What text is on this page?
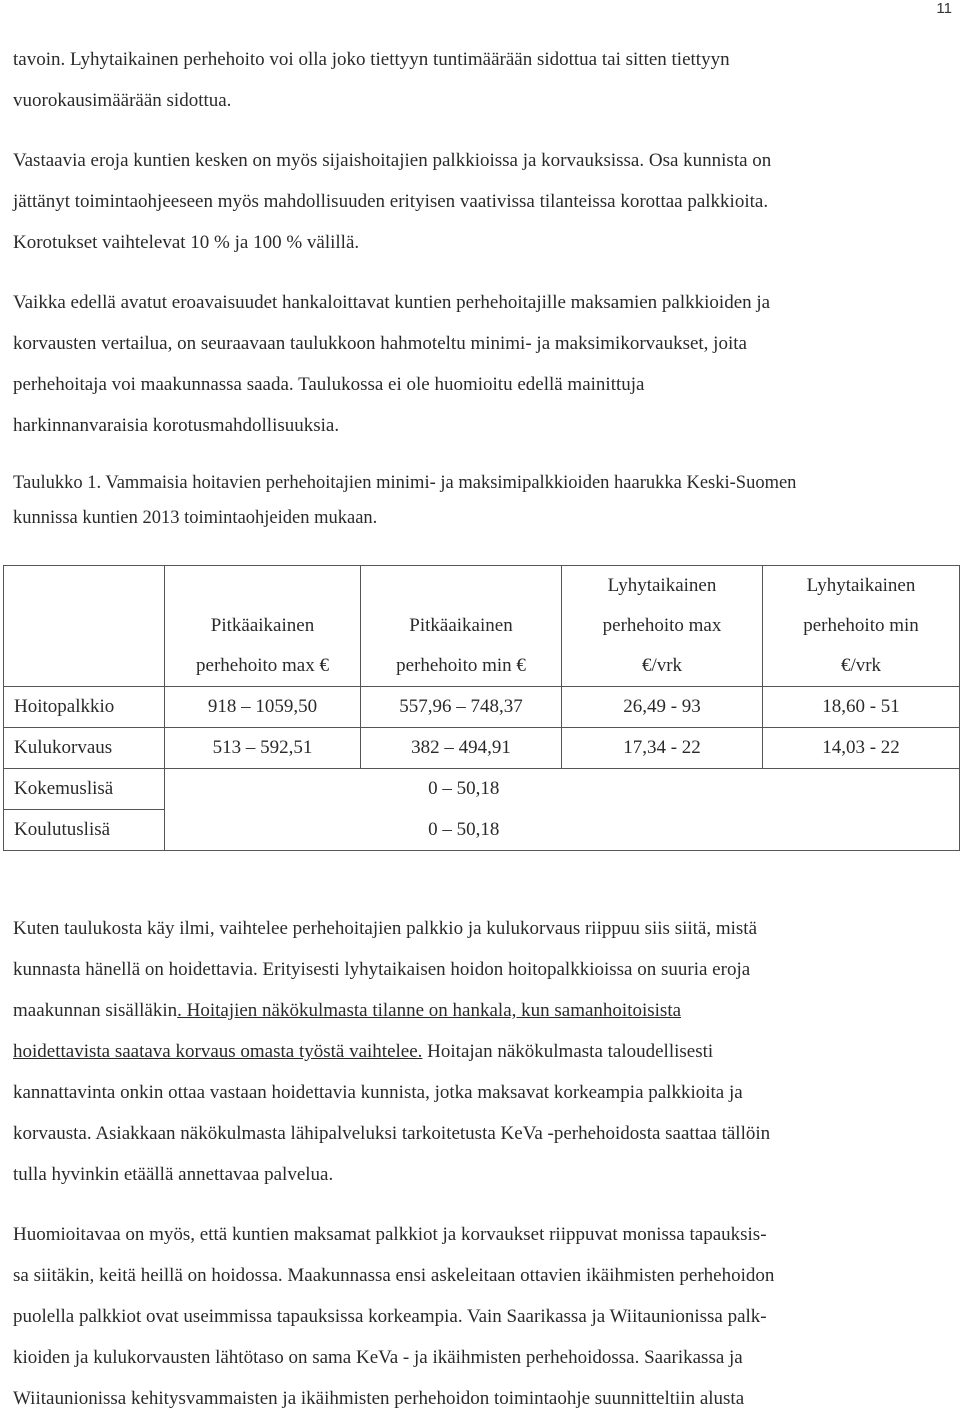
11

tavoin. Lyhytaikainen perhehoito voi olla joko tiettyyn tuntimäärään sidottua tai sitten tiettyyn
vuorokausimäärään sidottua.

Vastaavia eroja kuntien kesken on myös sijaishoitajien palkkioissa ja korvauksissa. Osa kunnista on
jättänyt toimintaohjeeseen myös mahdollisuuden erityisen vaativissa tilanteissa korottaa palkkioita.
Korotukset vaihtelevat 10 % ja 100 % välillä.

Vaikka edellä avatut eroavaisuudet hankaloittavat kuntien perhehoitajille maksamien palkkioiden ja
korvausten vertailua, on seuraavaan taulukkoon hahmoteltu minimi- ja maksimikorvaukset, joita
perhehoitaja voi maakunnassa saada. Taulukossa ei ole huomioitu edellä mainittuja
harkinnanvaraisia korotusmahdollisuuksia.

Taulukko 1. Vammaisia hoitavien perhehoitajien minimi- ja maksimipalkkioiden haarukka Keski-Suomen
kunnissa kuntien 2013 toimintaohjeiden mukaan.

	Pitkäaikainen
perhehoito max €	Pitkäaikainen
perhehoito min €	Lyhytaikainen
perhehoito max
€/vrk	Lyhytaikainen
perhehoito min
€/vrk

Hoitopalkkio	918 – 1059,50	557,96 – 748,37	26,49 - 93	18,60 - 51
Kulukorvaus	513 – 592,51	382 – 494,91	17,34 - 22	14,03 - 22
Kokemuslisä	0 – 50,18			
Koulutuslisä	0 – 50,18			

Kuten taulukosta käy ilmi, vaihtelee perhehoitajien palkkio ja kulukorvaus riippuu siis siitä, mistä
kunnasta hänellä on hoidettavia. Erityisesti lyhytaikaisen hoidon hoitopalkkioissa on suuria eroja
maakunnan sisälläkin. Hoitajien näkökulmasta tilanne on hankala, kun samanhoitoisista
hoidettavista saatava korvaus omasta työstä vaihtelee. Hoitajan näkökulmasta taloudellisesti
kannattavinta onkin ottaa vastaan hoidettavia kunnista, jotka maksavat korkeampia palkkioita ja
korvausta. Asiakkaan näkökulmasta lähipalveluksi tarkoitetusta KeVa -perhehoidosta saattaa tällöin
tulla hyvinkin etäällä annettavaa palvelua.

Huomioitavaa on myös, että kuntien maksamat palkkiot ja korvaukset riippuvat monissa tapauksis-
sa siitäkin, keitä heillä on hoidossa. Maakunnassa ensi askeleitaan ottavien ikäihmisten perhehoidon
puolella palkkiot ovat useimmissa tapauksissa korkeampia. Vain Saarikassa ja Wiitaunionissa palk-
kioiden ja kulukorvausten lähtötaso on sama KeVa - ja ikäihmisten perhehoidossa. Saarikassa ja
Wiitaunionissa kehitysvammaisten ja ikäihmisten perhehoidon toimintaohje suunnitteltiin alusta
